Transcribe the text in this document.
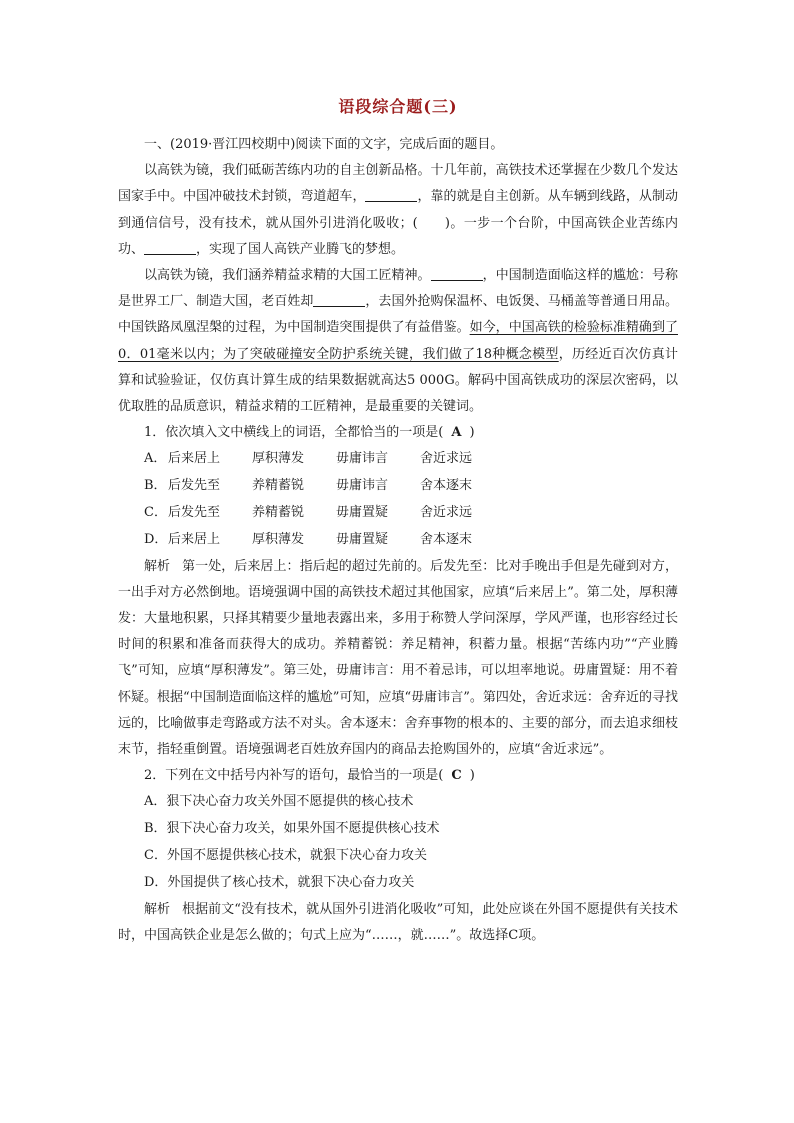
语段综合题(三)

一、(2019·晋江四校期中)阅读下面的文字，完成后面的题目。

以高铁为镜，我们砥砺苦练内功的自主创新品格。十几年前，高铁技术还掌握在少数几个发达国家手中。中国冲破技术封锁，弯道超车，	，靠的就是自主创新。从车辆到线路，从制动到通信信号，没有技术，就从国外引进消化吸收；(　　)。一步一个台阶，中国高铁企业苦练内功、	，实现了国人高铁产业腾飞的梦想。

以高铁为镜，我们涵养精益求精的大国工匠精神。	，中国制造面临这样的尴尬：号称是世界工厂、制造大国，老百姓却	，去国外抢购保温杯、电饭煲、马桶盖等普通日用品。中国铁路凤凰涅槃的过程，为中国制造突围提供了有益借鉴。如今，中国高铁的检验标准精确到了0．01毫米以内；为了突破碰撞安全防护系统关键，我们做了18种概念模型，历经近百次仿真计算和试验验证，仅仿真计算生成的结果数据就高达5 000G。解码中国高铁成功的深层次密码，以优取胜的品质意识，精益求精的工匠精神，是最重要的关键词。

1．依次填入文中横线上的词语，全都恰当的一项是( A )

A． 后来居上	厚积薄发	毋庸讳言	舍近求远
B． 后发先至	养精蓄锐	毋庸讳言	舍本逐末
C． 后发先至	养精蓄锐	毋庸置疑	舍近求远
D． 后来居上	厚积薄发	毋庸置疑	舍本逐末

解析 第一处，后来居上：指后起的超过先前的。后发先至：比对手晚出手但是先碰到对方，一出手对方必然倒地。语境强调中国的高铁技术超过其他国家，应填“后来居上”。第二处，厚积薄发：大量地积累，只择其精要少量地表露出来，多用于称赞人学问深厚，学风严谨，也形容经过长时间的积累和准备而获得大的成功。养精蓄锐：养足精神，积蓄力量。根据“苦练内功”“产业腾飞”可知，应填“厚积薄发”。第三处，毋庸讳言：用不着忌讳，可以坦率地说。毋庸置疑：用不着怀疑。根据“中国制造面临这样的尴尬”可知，应填“毋庸讳言”。第四处，舍近求远：舍弃近的寻找远的，比喻做事走弯路或方法不对头。舍本逐末：舍弃事物的根本的、主要的部分，而去追求细枝末节，指轻重倒置。语境强调老百姓放弃国内的商品去抢购国外的，应填“舍近求远”。

2．下列在文中括号内补写的语句，最恰当的一项是( C )

A．狠下决心奋力攻关外国不愿提供的核心技术
B．狠下决心奋力攻关，如果外国不愿提供核心技术
C．外国不愿提供核心技术，就狠下决心奋力攻关
D．外国提供了核心技术，就狠下决心奋力攻关

解析 根据前文“没有技术，就从国外引进消化吸收”可知，此处应谈在外国不愿提供有关技术时，中国高铁企业是怎么做的；句式上应为“……，就……”。故选择C项。
